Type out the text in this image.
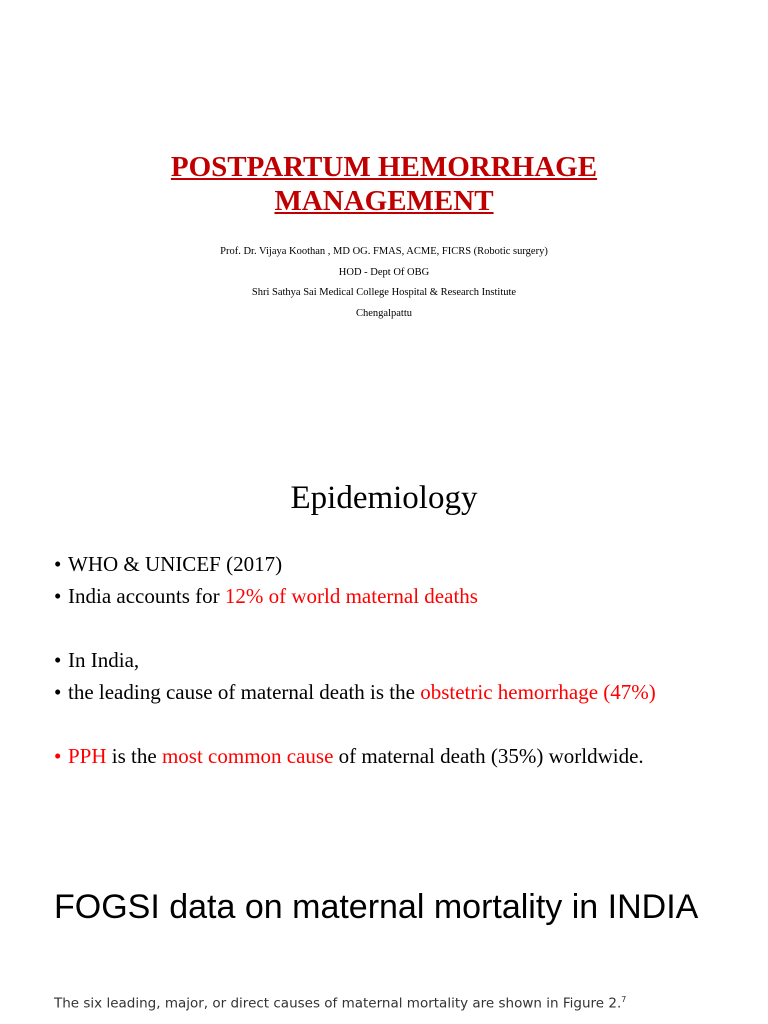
POSTPARTUM HEMORRHAGE
MANAGEMENT
Prof. Dr. Vijaya Koothan , MD OG. FMAS, ACME, FICRS (Robotic surgery)
HOD - Dept Of OBG
Shri Sathya Sai Medical College Hospital & Research Institute
Chengalpattu
Epidemiology
• WHO & UNICEF (2017)
• India accounts for 12% of world maternal deaths
• In India,
• the leading cause of maternal death is the obstetric hemorrhage (47%)
• PPH is the most common cause of maternal death (35%) worldwide.
FOGSI data on maternal mortality in INDIA
The six leading, major, or direct causes of maternal mortality are shown in Figure 2.$^7$
